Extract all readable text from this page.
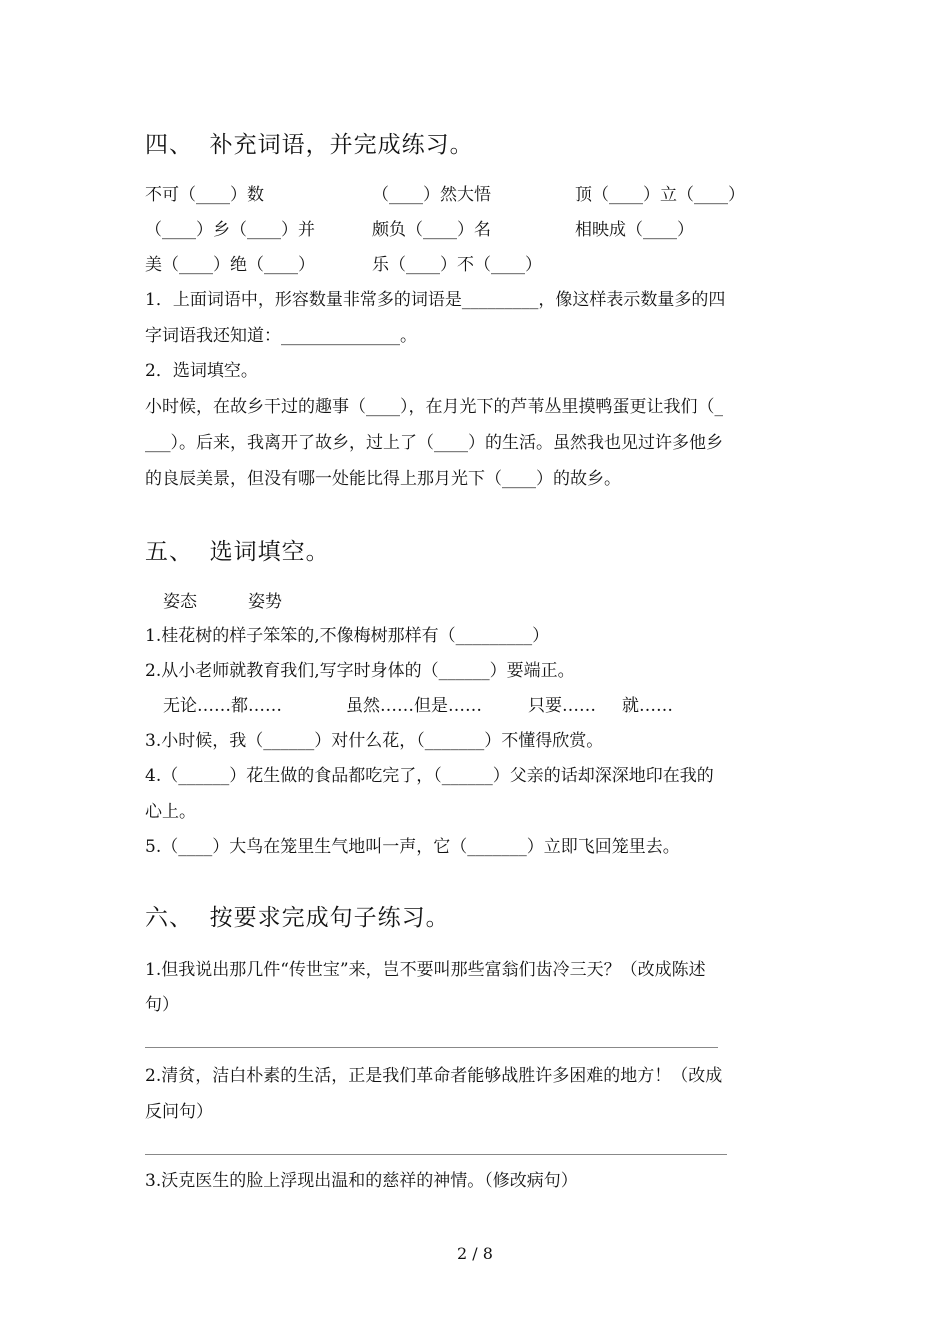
四、  补充词语，并完成练习。
不可（____）数	（____）然大悟	顶（____）立（____）
（____）乡（____）并	颇负（____）名	相映成（____）
美（____）绝（____）	乐（____）不（____）
1．上面词语中，形容数量非常多的词语是_________，像这样表示数量多的四
字词语我还知道：______________。
2．选词填空。
小时候，在故乡干过的趣事（____），在月光下的芦苇丛里摸鸭蛋更让我们（_
___）。后来，我离开了故乡，过上了（____）的生活。虽然我也见过许多他乡
的良辰美景，但没有哪一处能比得上那月光下（____）的故乡。
五、  选词填空。
姿态	姿势
1.桂花树的样子笨笨的,不像梅树那样有（_________）
2.从小老师就教育我们,写字时身体的（______）要端正。
无论……都……	虽然……但是……	只要…… 就……
3.小时候，我（______）对什么花，（_______）不懂得欣赏。
4.（______）花生做的食品都吃完了，（______）父亲的话却深深地印在我的
心上。
5.（____）大鸟在笼里生气地叫一声，它（_______）立即飞回笼里去。
六、  按要求完成句子练习。
1.但我说出那几件“传世宝”来，岂不要叫那些富翁们齿冷三天？（改成陈述
句）
2.清贫，洁白朴素的生活，正是我们革命者能够战胜许多困难的地方！（改成
反问句）
3.沃克医生的脸上浮现出温和的慈祥的神情。（修改病句）
2 / 8
